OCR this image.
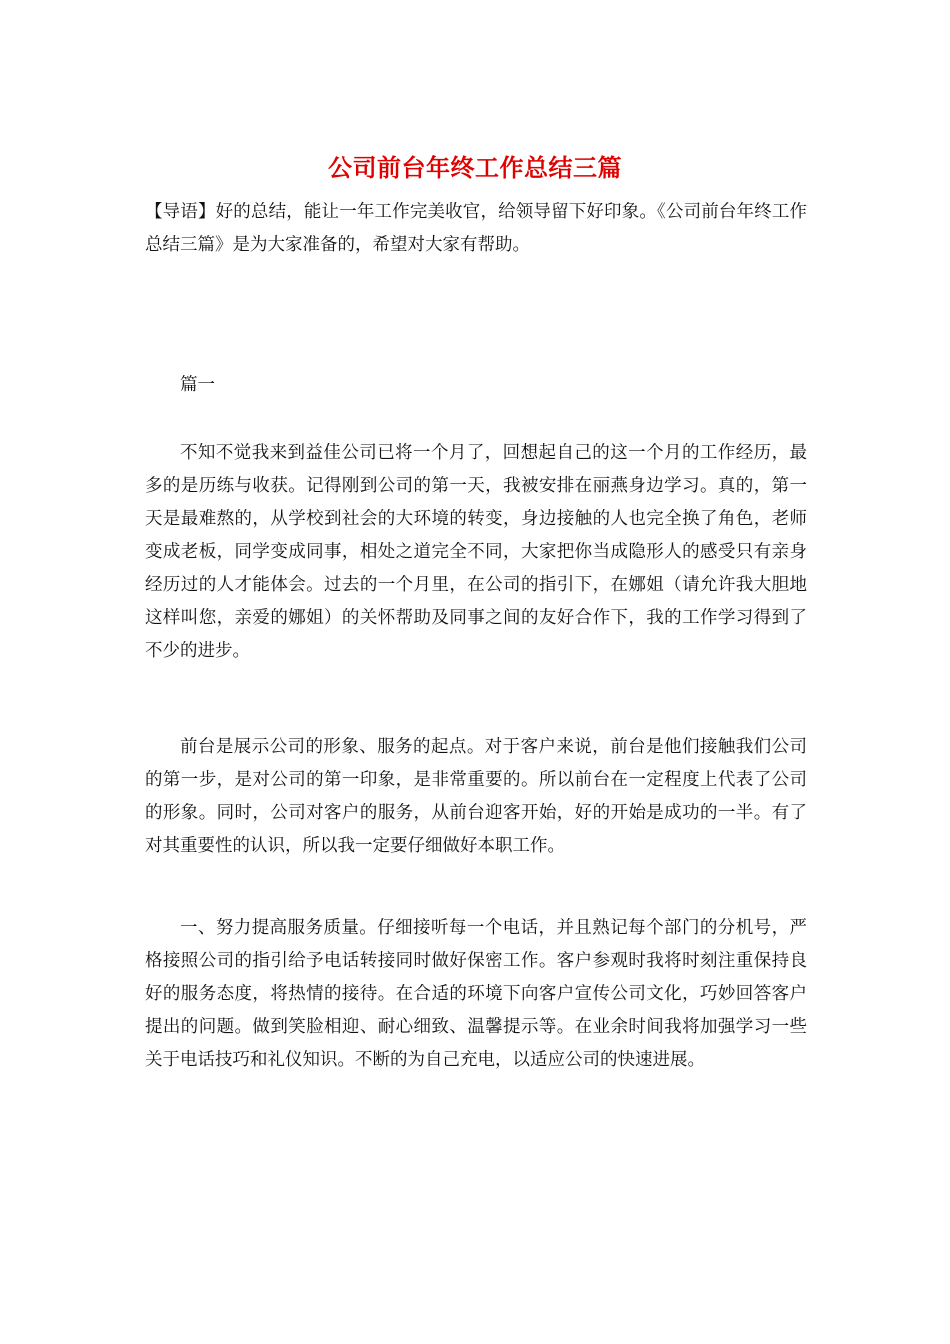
公司前台年终工作总结三篇

【导语】好的总结，能让一年工作完美收官，给领导留下好印象。《公司前台年终工作总结三篇》是为大家准备的，希望对大家有帮助。

篇一

不知不觉我来到益佳公司已将一个月了，回想起自己的这一个月的工作经历，最多的是历练与收获。记得刚到公司的第一天，我被安排在丽燕身边学习。真的，第一天是最难熬的，从学校到社会的大环境的转变，身边接触的人也完全换了角色，老师变成老板，同学变成同事，相处之道完全不同，大家把你当成隐形人的感受只有亲身经历过的人才能体会。过去的一个月里，在公司的指引下，在娜姐（请允许我大胆地这样叫您，亲爱的娜姐）的关怀帮助及同事之间的友好合作下，我的工作学习得到了不少的进步。

前台是展示公司的形象、服务的起点。对于客户来说，前台是他们接触我们公司的第一步，是对公司的第一印象，是非常重要的。所以前台在一定程度上代表了公司的形象。同时，公司对客户的服务，从前台迎客开始，好的开始是成功的一半。有了对其重要性的认识，所以我一定要仔细做好本职工作。

一、努力提高服务质量。仔细接听每一个电话，并且熟记每个部门的分机号，严格接照公司的指引给予电话转接同时做好保密工作。客户参观时我将时刻注重保持良好的服务态度，将热情的接待。在合适的环境下向客户宣传公司文化，巧妙回答客户提出的问题。做到笑脸相迎、耐心细致、温馨提示等。在业余时间我将加强学习一些关于电话技巧和礼仪知识。不断的为自己充电，以适应公司的快速进展。
